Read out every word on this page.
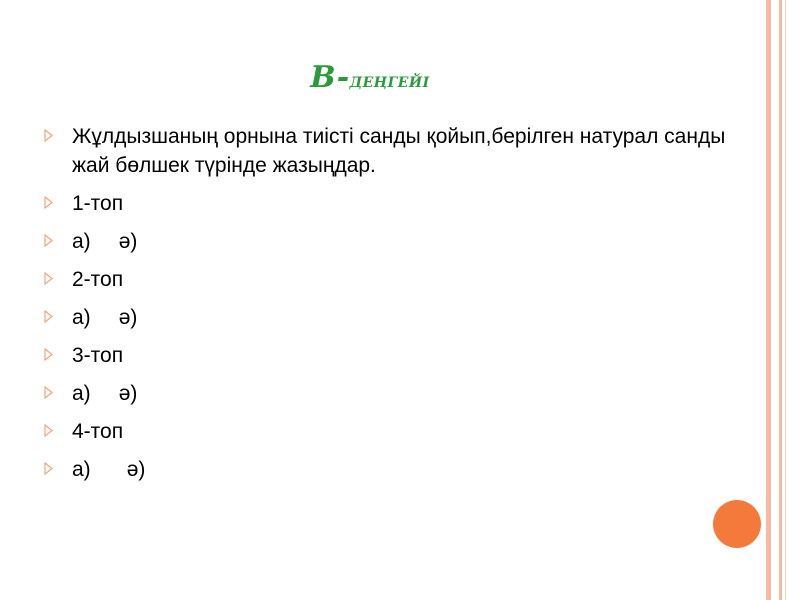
B-деңгейі
Жұлдызшаның орнына тиісті санды қойып,берілген натурал санды жай бөлшек түрінде жазыңдар.
1-топ
а) ә)
2-топ
а) ә)
3-топ
а) ә)
4-топ
а) ә)
